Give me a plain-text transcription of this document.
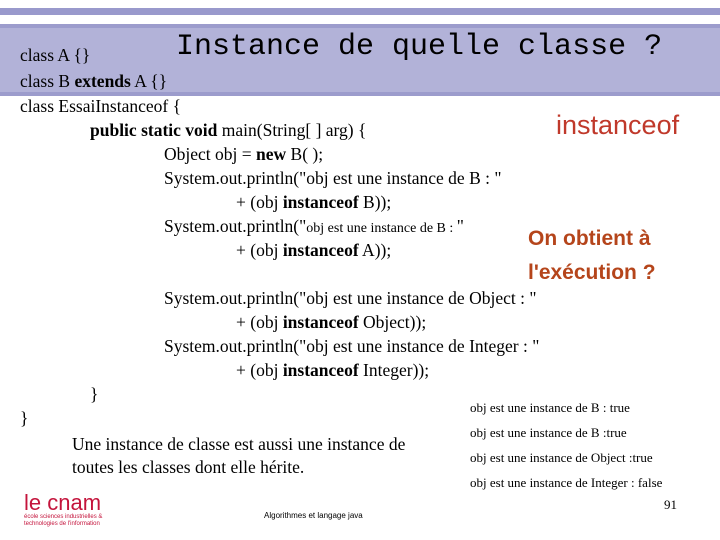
Instance de quelle classe ?
class A {}
class B extends A {}
class EssaiInstanceof {
public static void main(String[ ] arg) {
Object obj = new B( );
System.out.println("obj est une instance de B : "
+ (obj instanceof B));
System.out.println("obj est une instance de B : "
+ (obj instanceof A));
System.out.println("obj est une instance de Object : "
+ (obj instanceof Object));
System.out.println("obj est une instance de Integer : "
+ (obj instanceof Integer));
}
}
instanceof
On obtient à
l'exécution ?
obj est une instance de B : true
obj est une instance de B :true
obj est une instance de Object :true
obj est une instance de Integer : false
Une instance de classe est aussi une instance de toutes les classes dont elle hérite.
le cnam
école sciences industrielles &
technologies de l'information
Algorithmes et langage java
91
